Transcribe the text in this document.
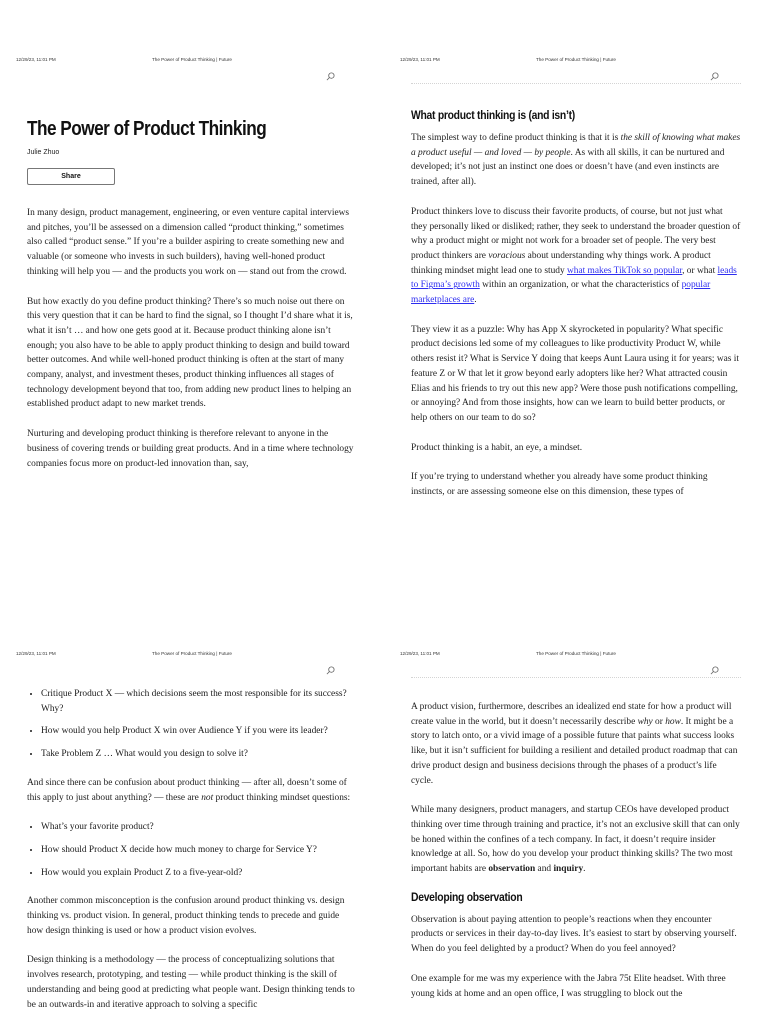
12/29/23, 11:01 PM	The Power of Product Thinking | Future
The Power of Product Thinking
Julie Zhuo
Share

In many design, product management, engineering, or even venture capital interviews and pitches, you’ll be assessed on a dimension called “product thinking,” sometimes also called “product sense.” If you’re a builder aspiring to create something new and valuable (or someone who invests in such builders), having well-honed product thinking will help you — and the products you work on — stand out from the crowd.

But how exactly do you define product thinking? There’s so much noise out there on this very question that it can be hard to find the signal, so I thought I’d share what it is, what it isn’t … and how one gets good at it. Because product thinking alone isn’t enough; you also have to be able to apply product thinking to design and build toward better outcomes. And while well-honed product thinking is often at the start of many company, analyst, and investment theses, product thinking influences all stages of technology development beyond that too, from adding new product lines to helping an established product adapt to new market trends.

Nurturing and developing product thinking is therefore relevant to anyone in the business of covering trends or building great products. And in a time where technology companies focus more on product-led innovation than, say,

12/29/23, 11:01 PM	The Power of Product Thinking | Future
What product thinking is (and isn’t)

The simplest way to define product thinking is that it is the skill of knowing what makes a product useful — and loved — by people. As with all skills, it can be nurtured and developed; it’s not just an instinct one does or doesn’t have (and even instincts are trained, after all).

Product thinkers love to discuss their favorite products, of course, but not just what they personally liked or disliked; rather, they seek to understand the broader question of why a product might or might not work for a broader set of people. The very best product thinkers are voracious about understanding why things work. A product thinking mindset might lead one to study what makes TikTok so popular, or what leads to Figma’s growth within an organization, or what the characteristics of popular marketplaces are.

They view it as a puzzle: Why has App X skyrocketed in popularity? What specific product decisions led some of my colleagues to like productivity Product W, while others resist it? What is Service Y doing that keeps Aunt Laura using it for years; was it feature Z or W that let it grow beyond early adopters like her? What attracted cousin Elias and his friends to try out this new app? Were those push notifications compelling, or annoying? And from those insights, how can we learn to build better products, or help others on our team to do so?

Product thinking is a habit, an eye, a mindset.

If you’re trying to understand whether you already have some product thinking instincts, or are assessing someone else on this dimension, these types of

12/29/23, 11:01 PM	The Power of Product Thinking | Future
• Critique Product X — which decisions seem the most responsible for its success? Why?
• How would you help Product X win over Audience Y if you were its leader?
• Take Problem Z … What would you design to solve it?

And since there can be confusion about product thinking — after all, doesn’t some of this apply to just about anything? — these are not product thinking mindset questions:

• What’s your favorite product?
• How should Product X decide how much money to charge for Service Y?
• How would you explain Product Z to a five-year-old?

Another common misconception is the confusion around product thinking vs. design thinking vs. product vision. In general, product thinking tends to precede and guide how design thinking is used or how a product vision evolves.

Design thinking is a methodology — the process of conceptualizing solutions that involves research, prototyping, and testing — while product thinking is the skill of understanding and being good at predicting what people want. Design thinking tends to be an outwards-in and iterative approach to solving a specific

12/29/23, 11:01 PM	The Power of Product Thinking | Future

A product vision, furthermore, describes an idealized end state for how a product will create value in the world, but it doesn’t necessarily describe why or how. It might be a story to latch onto, or a vivid image of a possible future that paints what success looks like, but it isn’t sufficient for building a resilient and detailed product roadmap that can drive product design and business decisions through the phases of a product’s life cycle.

While many designers, product managers, and startup CEOs have developed product thinking over time through training and practice, it’s not an exclusive skill that can only be honed within the confines of a tech company. In fact, it doesn’t require insider knowledge at all. So, how do you develop your product thinking skills? The two most important habits are observation and inquiry.

Developing observation

Observation is about paying attention to people’s reactions when they encounter products or services in their day-to-day lives. It’s easiest to start by observing yourself. When do you feel delighted by a product? When do you feel annoyed?

One example for me was my experience with the Jabra 75t Elite headset. With three young kids at home and an open office, I was struggling to block out the
